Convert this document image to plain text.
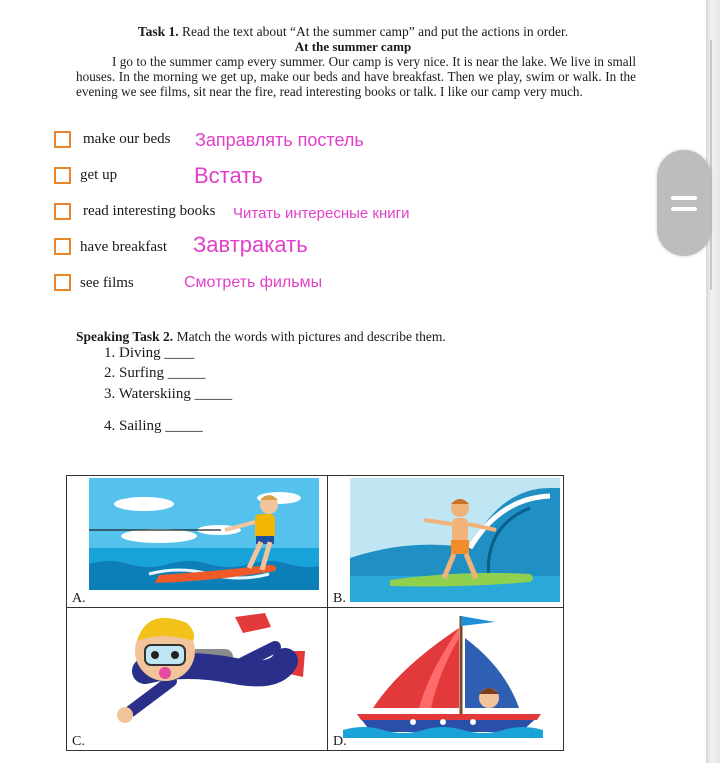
Task 1. Read the text about “At the summer camp” and put the actions in order.
At the summer camp
I go to the summer camp every summer. Our camp is very nice. It is near the lake. We live in small houses. In the morning we get up, make our beds and have breakfast. Then we play, swim or walk. In the evening we see films, sit near the fire, read interesting books or talk. I like our camp very much.
make our beds Заправлять постель
get up	Встать
read interesting books Читать интересные книги
have breakfast Завтракать
see films	Смотреть фильмы
Speaking Task 2. Match the words with pictures and describe them.
1. Diving ____
2. Surfing _____
3. Waterskiing _____
4. Sailing _____
A.	B.
C.	D.
